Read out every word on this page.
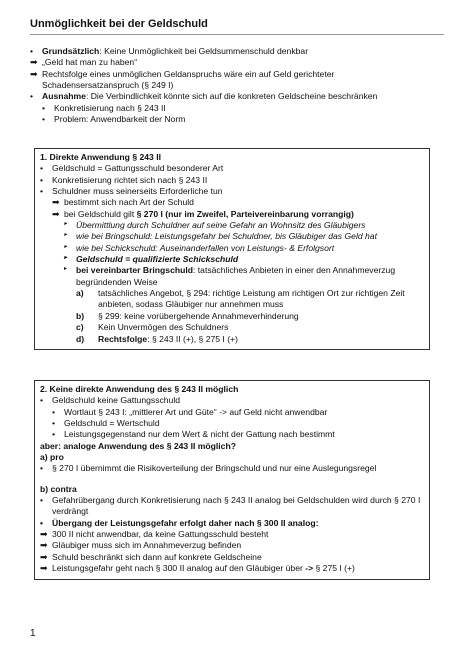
Unmöglichkeit bei der Geldschuld
• Grundsätzlich: Keine Unmöglichkeit bei Geldsummenschuld denkbar
➡ „Geld hat man zu haben“
➡ Rechtsfolge eines unmöglichen Geldanspruchs wäre ein auf Geld gerichteter Schadensersatzanspruch (§ 249 I)
• Ausnahme: Die Verbindlichkeit könnte sich auf die konkreten Geldscheine beschränken
• Konkretisierung nach § 243 II
• Problem: Anwendbarkeit der Norm
1. Direkte Anwendung § 243 II
• Geldschuld = Gattungsschuld besonderer Art
• Konkretisierung richtet sich nach § 243 II
• Schuldner muss seinerseits Erforderliche tun
➡ bestimmt sich nach Art der Schuld
➡ bei Geldschuld gilt § 270 I (nur im Zweifel, Parteivereinbarung vorrangig)
▸ Übermittlung durch Schuldner auf seine Gefahr an Wohnsitz des Gläubigers
▸ wie bei Bringschuld: Leistungsgefahr bei Schuldner, bis Gläubiger das Geld hat
▸ wie bei Schickschuld: Auseinanderfallen von Leistungs- & Erfolgsort
▸ Geldschuld = qualifizierte Schickschuld
▸ bei vereinbarter Bringschuld: tatsächliches Anbieten in einer den Annahmeverzug begründenden Weise
a) tatsächliches Angebot, § 294: richtige Leistung am richtigen Ort zur richtigen Zeit anbieten, sodass Gläubiger nur annehmen muss
b) § 299: keine vorübergehende Annahmeverhinderung
c) Kein Unvermögen des Schuldners
d) Rechtsfolge: § 243 II (+), § 275 I (+)
2. Keine direkte Anwendung des § 243 II möglich
• Geldschuld keine Gattungsschuld
• Wortlaut § 243 I: „mittlerer Art und Güte“ -> auf Geld nicht anwendbar
• Geldschuld = Wertschuld
• Leistungsgegenstand nur dem Wert & nicht der Gattung nach bestimmt
aber: analoge Anwendung des § 243 II möglich?
a) pro
• § 270 I übernimmt die Risikoverteilung der Bringschuld und nur eine Auslegungsregel
b) contra
• Gefahrübergang durch Konkretisierung nach § 243 II analog bei Geldschulden wird durch § 270 I verdrängt
• Übergang der Leistungsgefahr erfolgt daher nach § 300 II analog:
➡ 300 II nicht anwendbar, da keine Gattungsschuld besteht
➡ Gläubiger muss sich im Annahmeverzug befinden
➡ Schuld beschränkt sich dann auf konkrete Geldscheine
➡ Leistungsgefahr geht nach § 300 II analog auf den Gläubiger über -> § 275 I (+)
1
